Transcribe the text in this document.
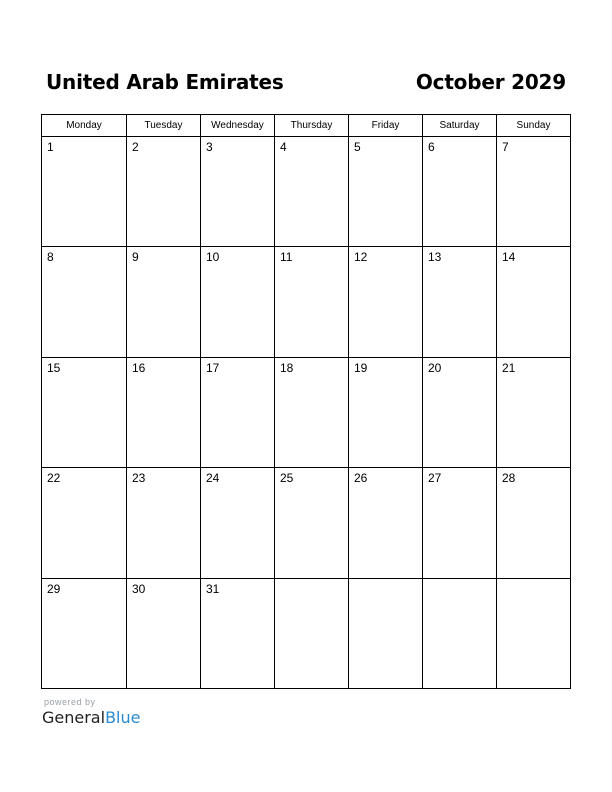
United Arab Emirates	October 2029
Monday	Tuesday	Wednesday	Thursday	Friday	Saturday	Sunday

1	2	3	4	5	6	7

8	9	10	11	12	13	14

15	16	17	18	19	20	21

22	23	24	25	26	27	28

29	30	31				

powered by
GeneralBlue
